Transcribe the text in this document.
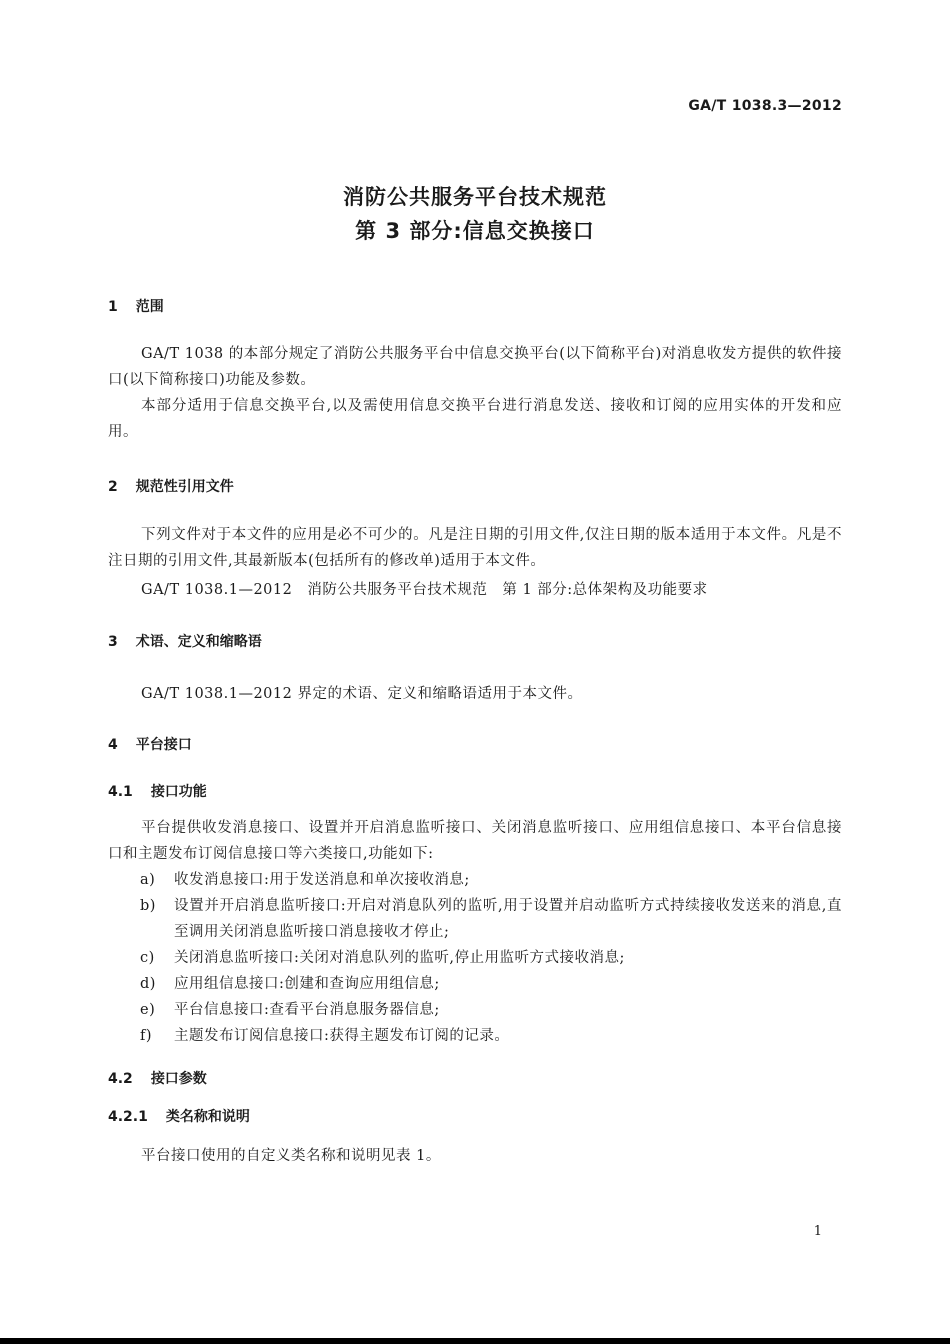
GA/T 1038.3—2012
消防公共服务平台技术规范
第 3 部分:信息交换接口
1 范围
GA/T 1038 的本部分规定了消防公共服务平台中信息交换平台(以下简称平台)对消息收发方提供的软件接口(以下简称接口)功能及参数。
本部分适用于信息交换平台,以及需使用信息交换平台进行消息发送、接收和订阅的应用实体的开发和应用。
2 规范性引用文件
下列文件对于本文件的应用是必不可少的。凡是注日期的引用文件,仅注日期的版本适用于本文件。凡是不注日期的引用文件,其最新版本(包括所有的修改单)适用于本文件。
GA/T 1038.1—2012　消防公共服务平台技术规范　第 1 部分:总体架构及功能要求
3 术语、定义和缩略语
GA/T 1038.1—2012 界定的术语、定义和缩略语适用于本文件。
4 平台接口
4.1 接口功能
平台提供收发消息接口、设置并开启消息监听接口、关闭消息监听接口、应用组信息接口、本平台信息接口和主题发布订阅信息接口等六类接口,功能如下:
a)	收发消息接口:用于发送消息和单次接收消息;
b)	设置并开启消息监听接口:开启对消息队列的监听,用于设置并启动监听方式持续接收发送来的消息,直至调用关闭消息监听接口消息接收才停止;
c)	关闭消息监听接口:关闭对消息队列的监听,停止用监听方式接收消息;
d)	应用组信息接口:创建和查询应用组信息;
e)	平台信息接口:查看平台消息服务器信息;
f)	主题发布订阅信息接口:获得主题发布订阅的记录。
4.2 接口参数
4.2.1 类名称和说明
平台接口使用的自定义类名称和说明见表 1。
1
